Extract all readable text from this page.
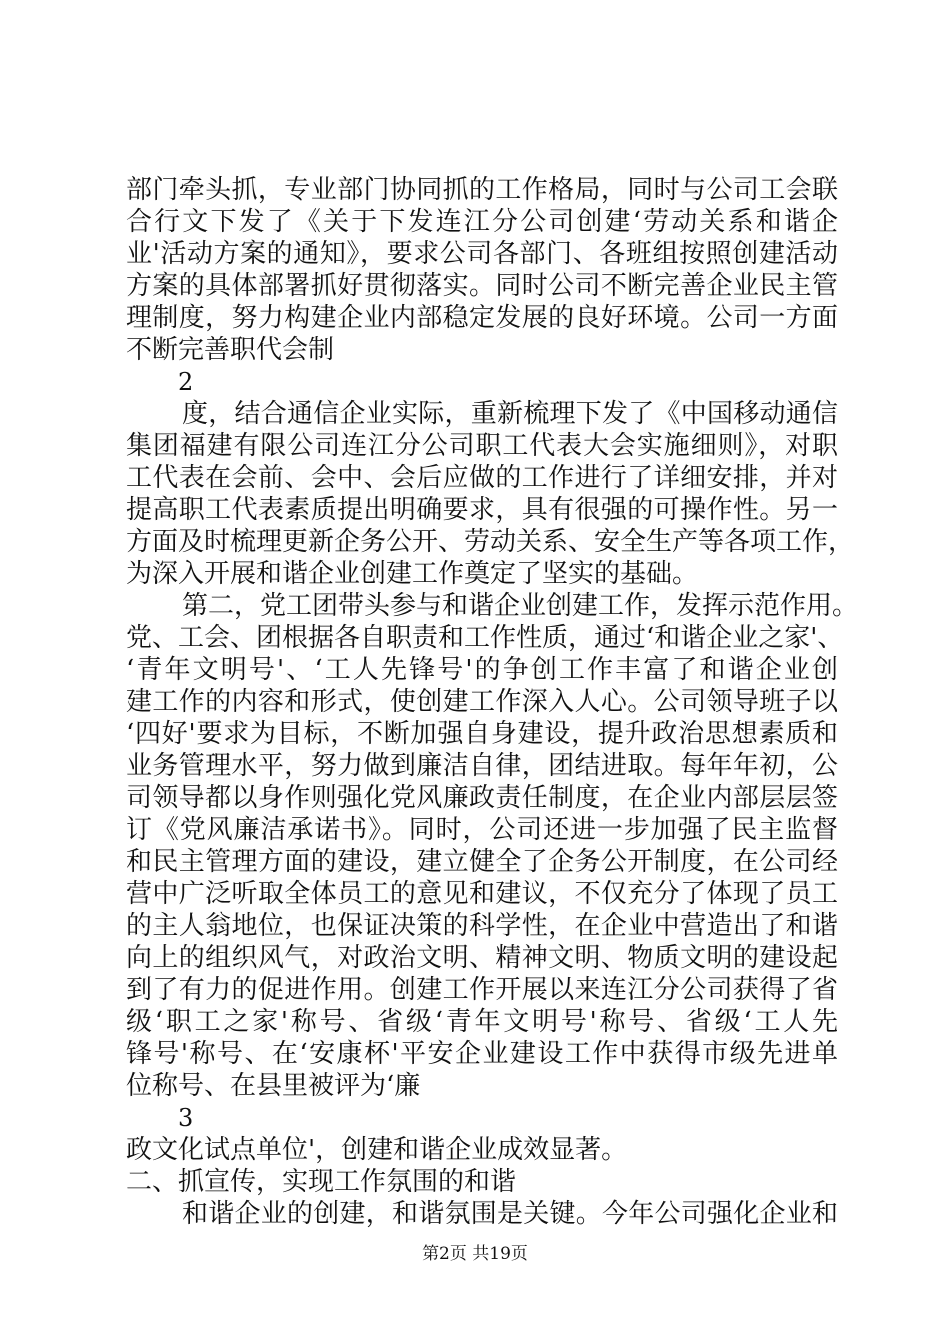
部门牵头抓，专业部门协同抓的工作格局，同时与公司工会联
合行文下发了《关于下发连江分公司创建‘劳动关系和谐企
业'活动方案的通知》，要求公司各部门、各班组按照创建活动
方案的具体部署抓好贯彻落实。同时公司不断完善企业民主管
理制度，努力构建企业内部稳定发展的良好环境。公司一方面
不断完善职代会制
2
度，结合通信企业实际，重新梳理下发了《中国移动通信
集团福建有限公司连江分公司职工代表大会实施细则》，对职
工代表在会前、会中、会后应做的工作进行了详细安排，并对
提高职工代表素质提出明确要求，具有很强的可操作性。另一
方面及时梳理更新企务公开、劳动关系、安全生产等各项工作，
为深入开展和谐企业创建工作奠定了坚实的基础。
第二，党工团带头参与和谐企业创建工作，发挥示范作用。
党、工会、团根据各自职责和工作性质，通过‘和谐企业之家'、
‘青年文明号'、‘工人先锋号'的争创工作丰富了和谐企业创
建工作的内容和形式，使创建工作深入人心。公司领导班子以
‘四好'要求为目标，不断加强自身建设，提升政治思想素质和
业务管理水平，努力做到廉洁自律，团结进取。每年年初，公
司领导都以身作则强化党风廉政责任制度，在企业内部层层签
订《党风廉洁承诺书》。同时，公司还进一步加强了民主监督
和民主管理方面的建设，建立健全了企务公开制度，在公司经
营中广泛听取全体员工的意见和建议，不仅充分了体现了员工
的主人翁地位，也保证决策的科学性，在企业中营造出了和谐
向上的组织风气，对政治文明、精神文明、物质文明的建设起
到了有力的促进作用。创建工作开展以来连江分公司获得了省
级‘职工之家'称号、省级‘青年文明号'称号、省级‘工人先
锋号'称号、在‘安康杯'平安企业建设工作中获得市级先进单
位称号、在县里被评为‘廉
3
政文化试点单位'，创建和谐企业成效显著。
二、抓宣传，实现工作氛围的和谐
和谐企业的创建，和谐氛围是关键。今年公司强化企业和
第2页 共19页
